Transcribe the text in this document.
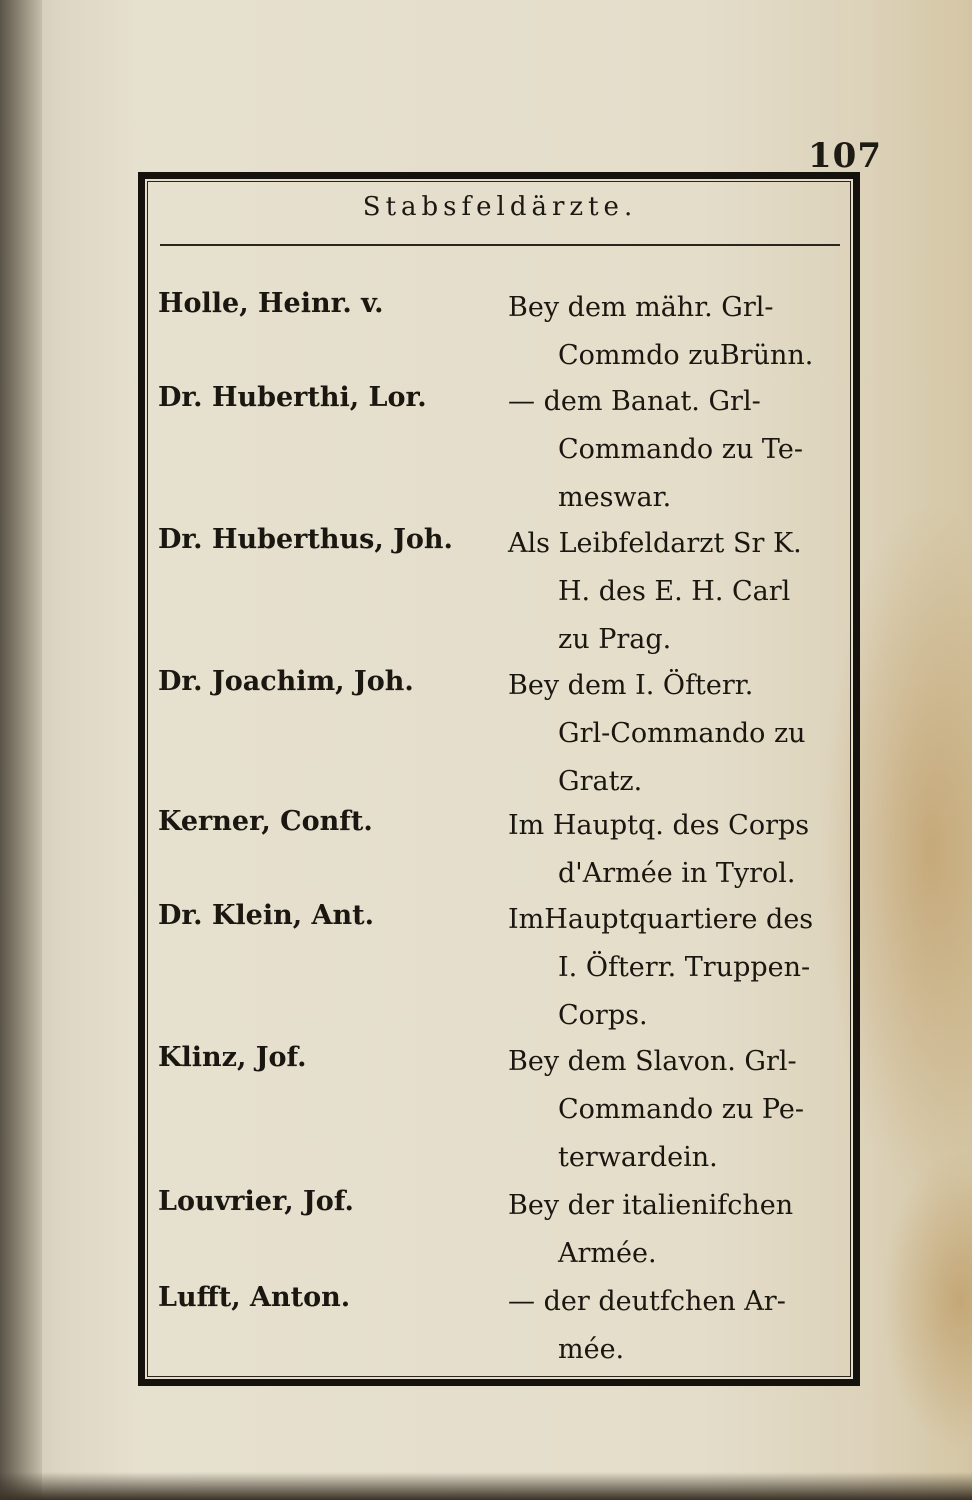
107
Stabsfeldärzte.
Holle, Heinr. v.	Bey dem mähr. Grl-
Commdo zuBrünn.
Dr. Huberthi, Lor.	— dem Banat. Grl-
Commando zu Te-
meswar.
Dr. Huberthus, Joh. Als Leibfeldarzt Sr K.
H. des E. H. Carl
zu Prag.
Dr. Joachim, Joh.	Bey dem I. Öfterr.
Grl-Commando zu
Gratz.
Kerner, Conft.	Im Hauptq. des Corps
d'Armée in Tyrol.
Dr. Klein, Ant.	ImHauptquartiere des
I. Öfterr. Truppen-
Corps.
Klinz, Jof.	Bey dem Slavon. Grl-
Commando zu Pe-
terwardein.
Louvrier, Jof.	Bey der italienifchen
Armée.
Lufft, Anton.	— der deutfchen Ar-
mée.
